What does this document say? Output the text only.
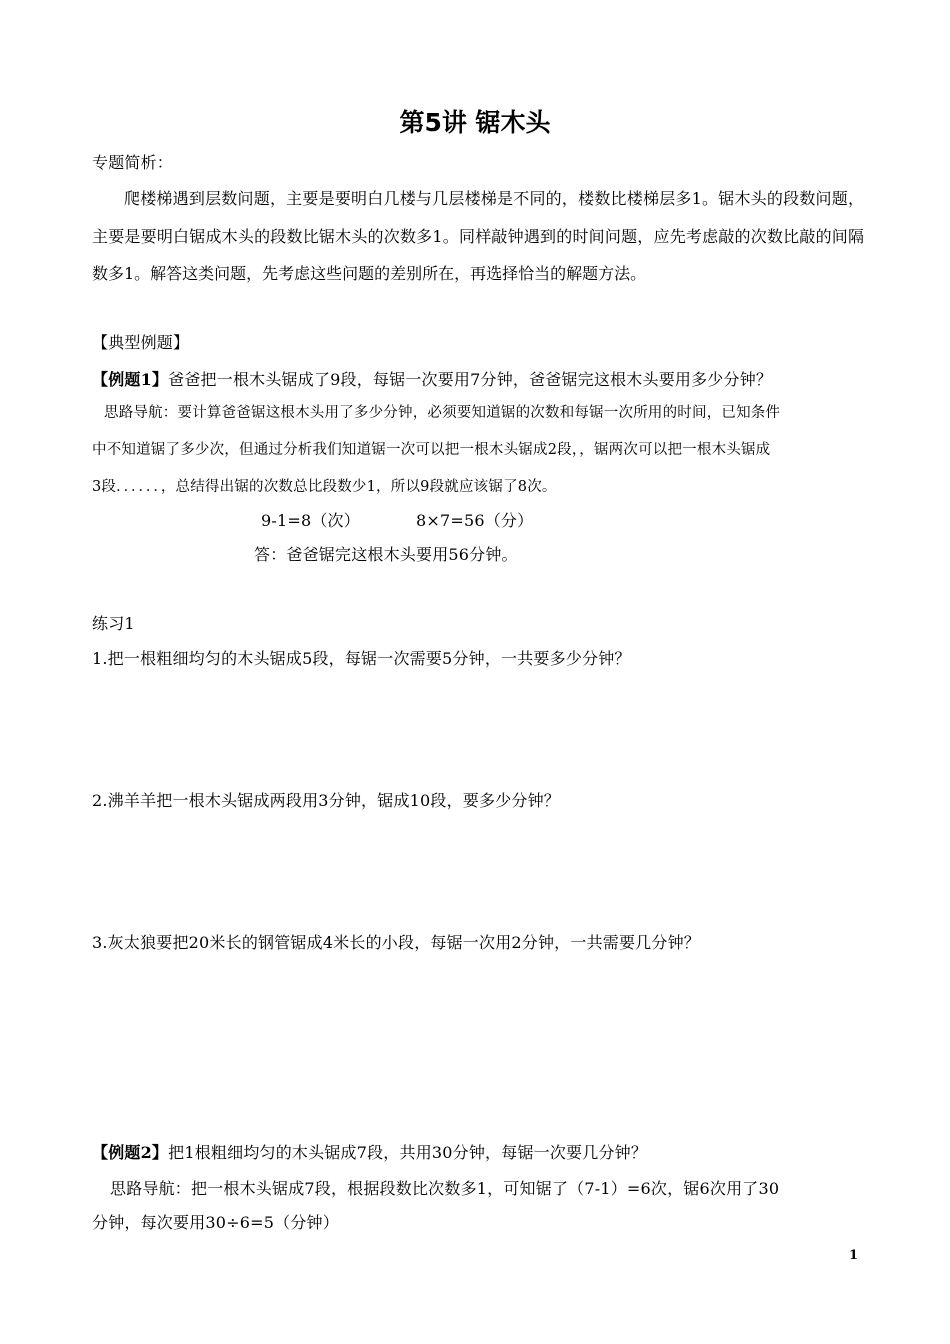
第5讲 锯木头
专题简析：
爬楼梯遇到层数问题，主要是要明白几楼与几层楼梯是不同的，楼数比楼梯层多1。锯木头的段数问题，主要是要明白锯成木头的段数比锯木头的次数多1。同样敲钟遇到的时间问题，应先考虑敲的次数比敲的间隔数多1。解答这类问题，先考虑这些问题的差别所在，再选择恰当的解题方法。
【典型例题】
【例题1】爸爸把一根木头锯成了9段，每锯一次要用7分钟，爸爸锯完这根木头要用多少分钟？
思路导航：要计算爸爸锯这根木头用了多少分钟，必须要知道锯的次数和每锯一次所用的时间，已知条件
中不知道锯了多少次，但通过分析我们知道锯一次可以把一根木头锯成2段，，锯两次可以把一根木头锯成
3段．．．．．．，总结得出锯的次数总比段数少1，所以9段就应该锯了8次。
9-1=8（次）	8×7=56（分）
答：爸爸锯完这根木头要用56分钟。
练习1
1.把一根粗细均匀的木头锯成5段，每锯一次需要5分钟，一共要多少分钟？
2.沸羊羊把一根木头锯成两段用3分钟，锯成10段，要多少分钟？
3.灰太狼要把20米长的钢管锯成4米长的小段，每锯一次用2分钟，一共需要几分钟？
【例题2】把1根粗细均匀的木头锯成7段，共用30分钟，每锯一次要几分钟？
思路导航：把一根木头锯成7段，根据段数比次数多1，可知锯了（7-1）=6次，锯6次用了30
分钟，每次要用30÷6=5（分钟）
1
